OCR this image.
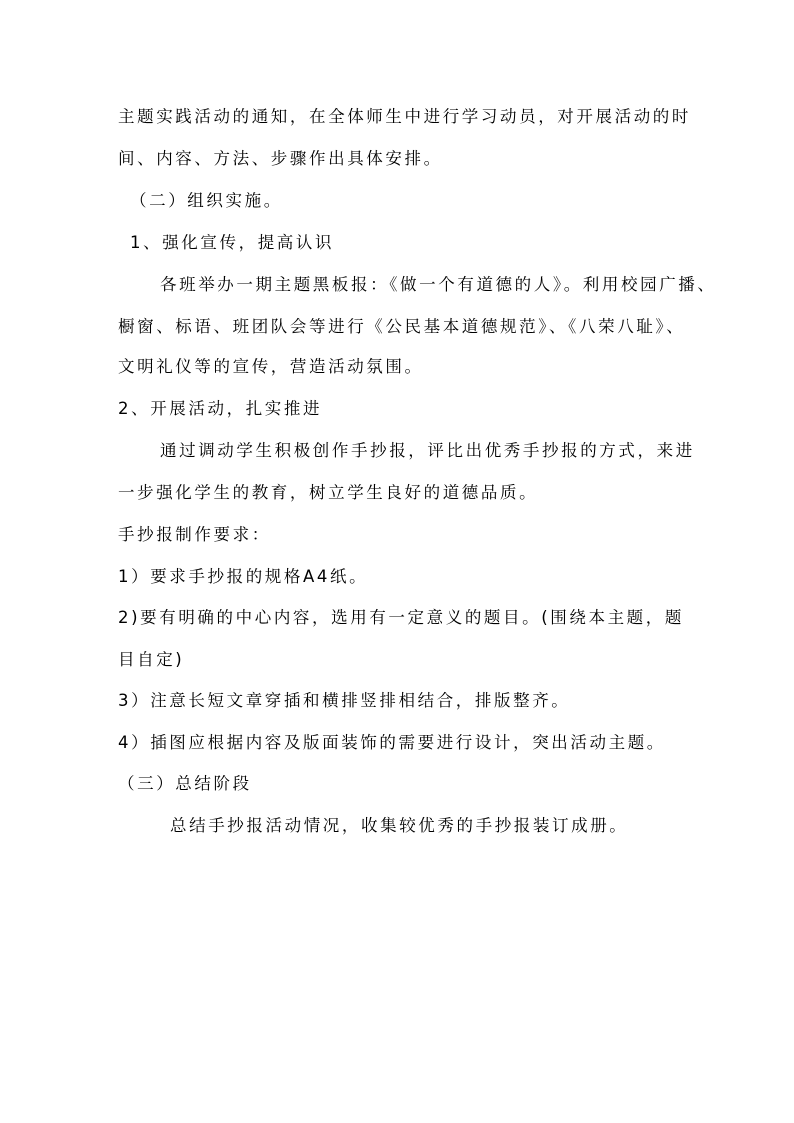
主题实践活动的通知，在全体师生中进行学习动员，对开展活动的时
间、内容、方法、步骤作出具体安排。
（二）组织实施。
1、强化宣传，提高认识
各班举办一期主题黑板报：《做一个有道德的人》。利用校园广播、
橱窗、标语、班团队会等进行《公民基本道德规范》、《八荣八耻》、
文明礼仪等的宣传，营造活动氛围。
2、开展活动，扎实推进
通过调动学生积极创作手抄报，评比出优秀手抄报的方式，来进
一步强化学生的教育，树立学生良好的道德品质。
手抄报制作要求：
1）要求手抄报的规格A4纸。
2)要有明确的中心内容，选用有一定意义的题目。(围绕本主题，题
目自定)
3）注意长短文章穿插和横排竖排相结合，排版整齐。
4）插图应根据内容及版面装饰的需要进行设计，突出活动主题。
（三）总结阶段
总结手抄报活动情况，收集较优秀的手抄报装订成册。
